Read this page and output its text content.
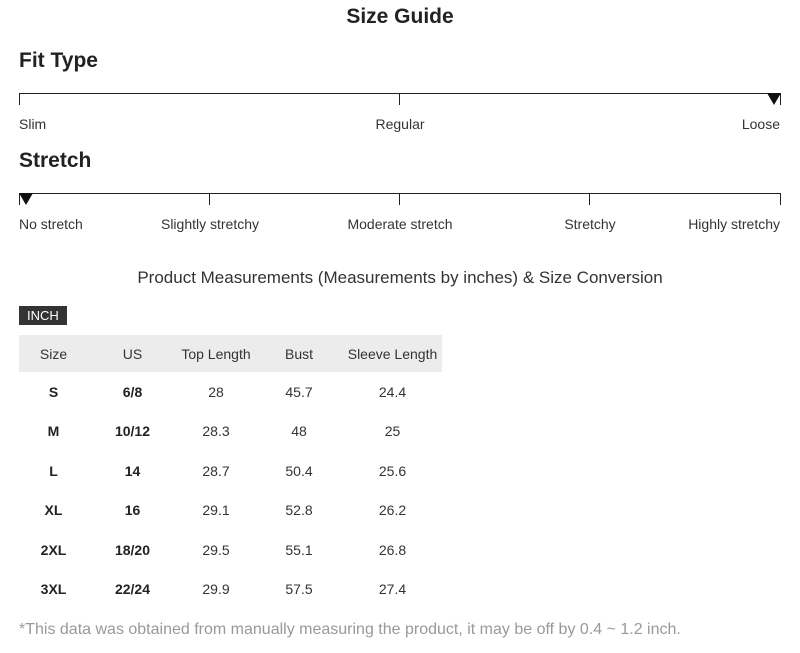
Size Guide
Fit Type
Slim	Regular	Loose
Stretch
No stretch	Slightly stretchy	Moderate stretch	Stretchy	Highly stretchy
Product Measurements (Measurements by inches) & Size Conversion
INCH
Size	US	Top Length	Bust	Sleeve Length
S	6/8	28	45.7	24.4
M	10/12	28.3	48	25
L	14	28.7	50.4	25.6
XL	16	29.1	52.8	26.2
2XL	18/20	29.5	55.1	26.8
3XL	22/24	29.9	57.5	27.4
*This data was obtained from manually measuring the product, it may be off by 0.4 ~ 1.2 inch.
